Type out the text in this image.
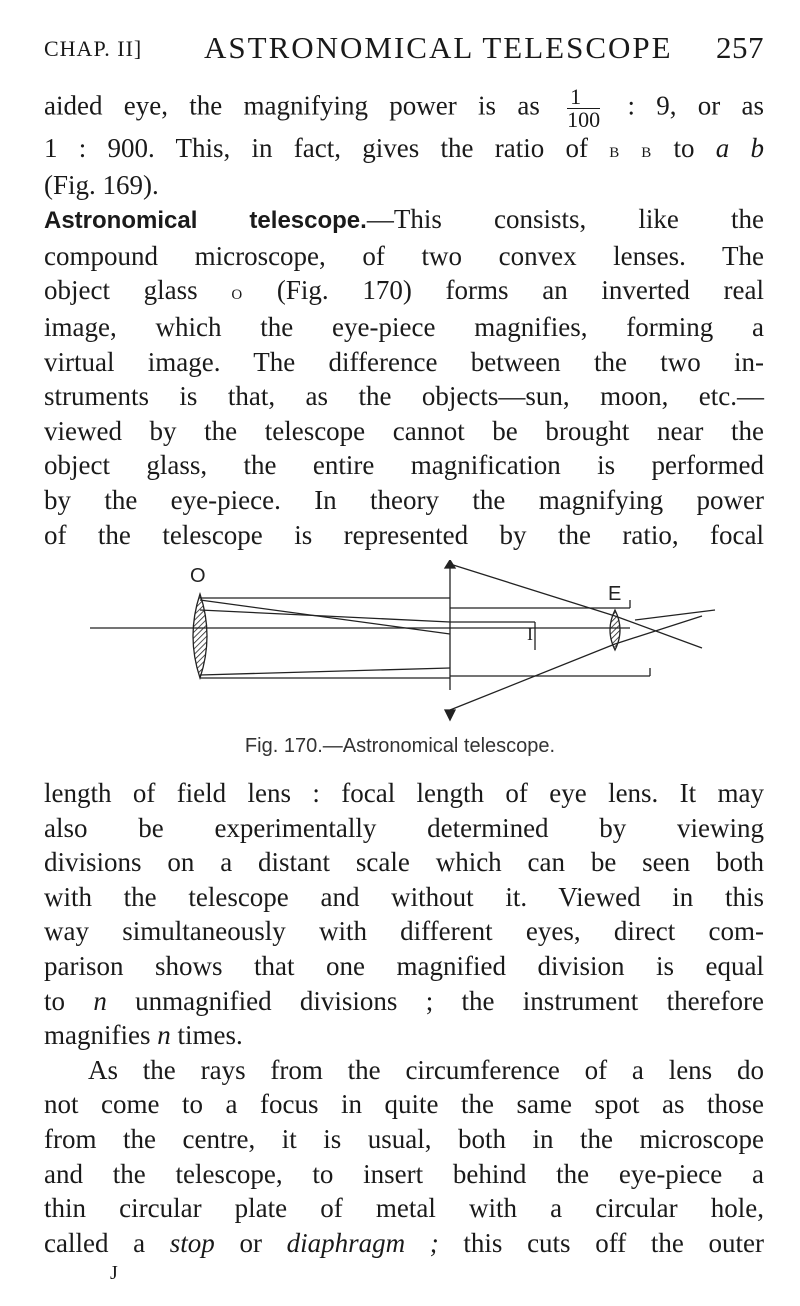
CHAP. II] ASTRONOMICAL TELESCOPE 257

aided eye, the magnifying power is as $\frac{1}{100}$ : 9, or as

1 : 900. This, in fact, gives the ratio of b b to a b

(Fig. 169).

Astronomical telescope.—This consists, like the

compound microscope, of two convex lenses. The

object glass o (Fig. 170) forms an inverted real

image, which the eye-piece magnifies, forming a

virtual image. The difference between the two in-

struments is that, as the objects—sun, moon, etc.—

viewed by the telescope cannot be brought near the

object glass, the entire magnification is performed

by the eye-piece. In theory the magnifying power

of the telescope is represented by the ratio, focal

O
E
I
Fig. 170.—Astronomical telescope.

length of field lens : focal length of eye lens. It may

also be experimentally determined by viewing

divisions on a distant scale which can be seen both

with the telescope and without it. Viewed in this

way simultaneously with different eyes, direct com-

parison shows that one magnified division is equal

to n unmagnified divisions ; the instrument therefore

magnifies n times.

As the rays from the circumference of a lens do

not come to a focus in quite the same spot as those

from the centre, it is usual, both in the microscope

and the telescope, to insert behind the eye-piece a

thin circular plate of metal with a circular hole,

called a stop or diaphragm ; this cuts off the outer

J
